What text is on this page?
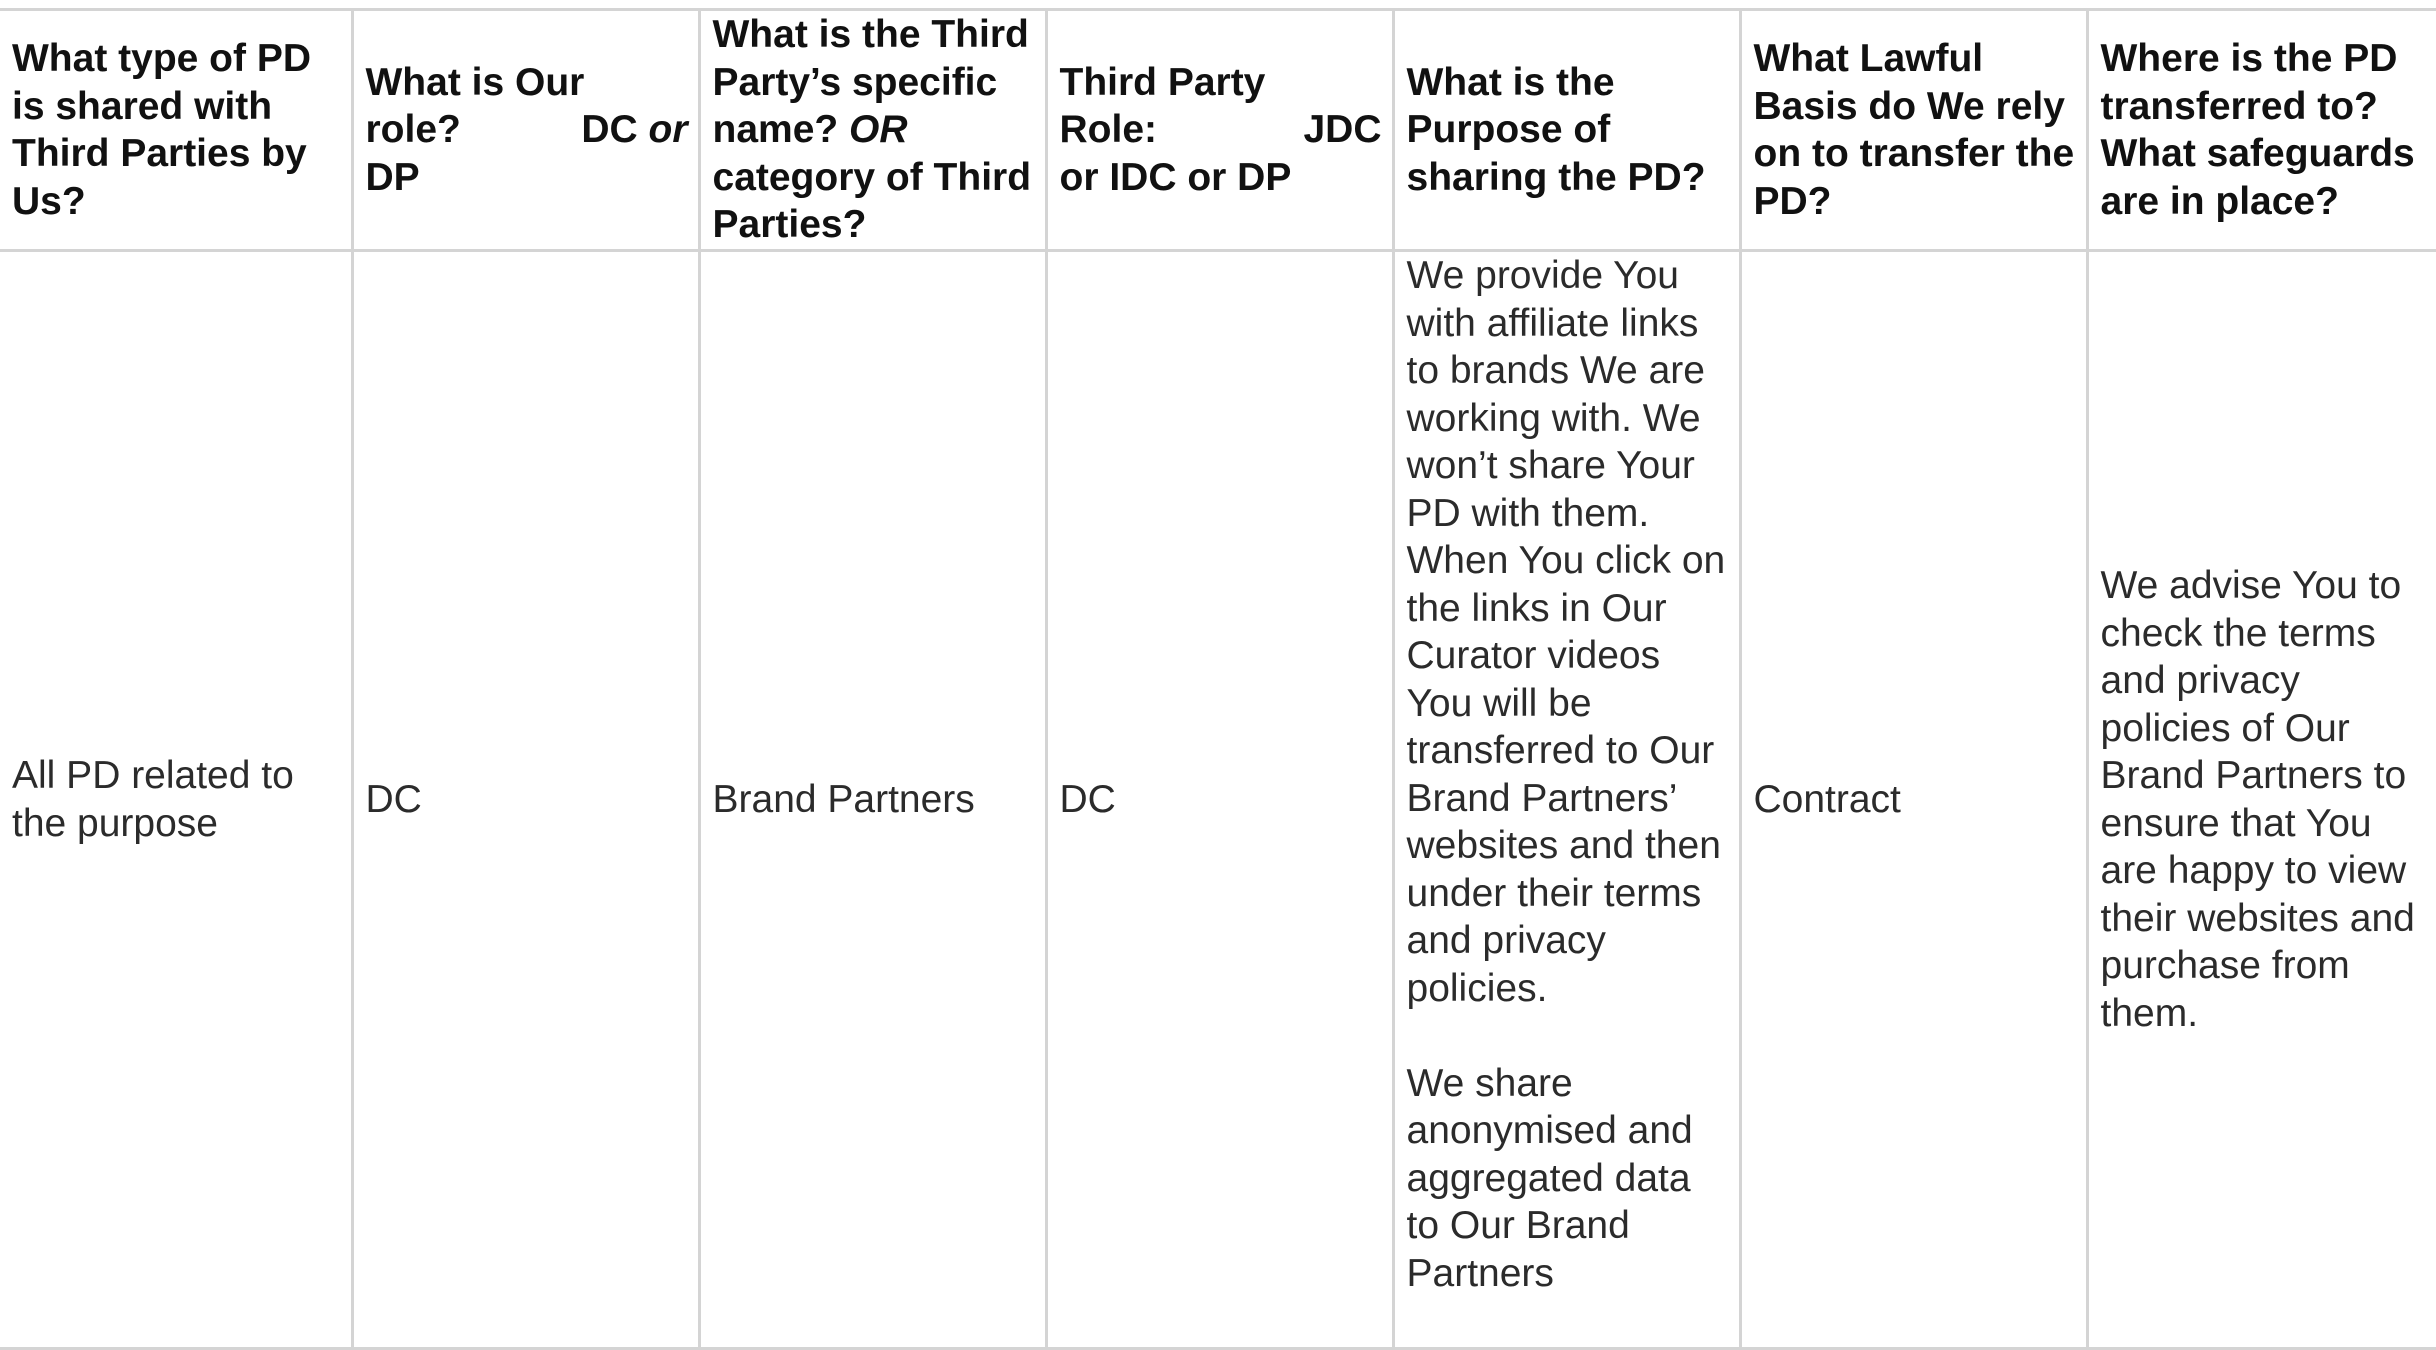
What type of PD is shared with Third Parties by Us?	What is Our
role? DC or
DP	What is the Third Party’s specific name? OR category of Third Parties?	Third Party
Role: JDC
or IDC or DP	What is the Purpose of sharing the PD?	What Lawful Basis do We rely on to transfer the PD?	Where is the PD transferred to? What safeguards are in place?
All PD related to the purpose	DC	Brand Partners	DC	We provide You with affiliate links to brands We are working with. We won’t share Your PD with them. When You click on the links in Our Curator videos You will be transferred to Our Brand Partners’ websites and then under their terms and privacy policies.
We share anonymised and aggregated data to Our Brand Partners	Contract	We advise You to check the terms and privacy policies of Our Brand Partners to ensure that You are happy to view their websites and purchase from them.
